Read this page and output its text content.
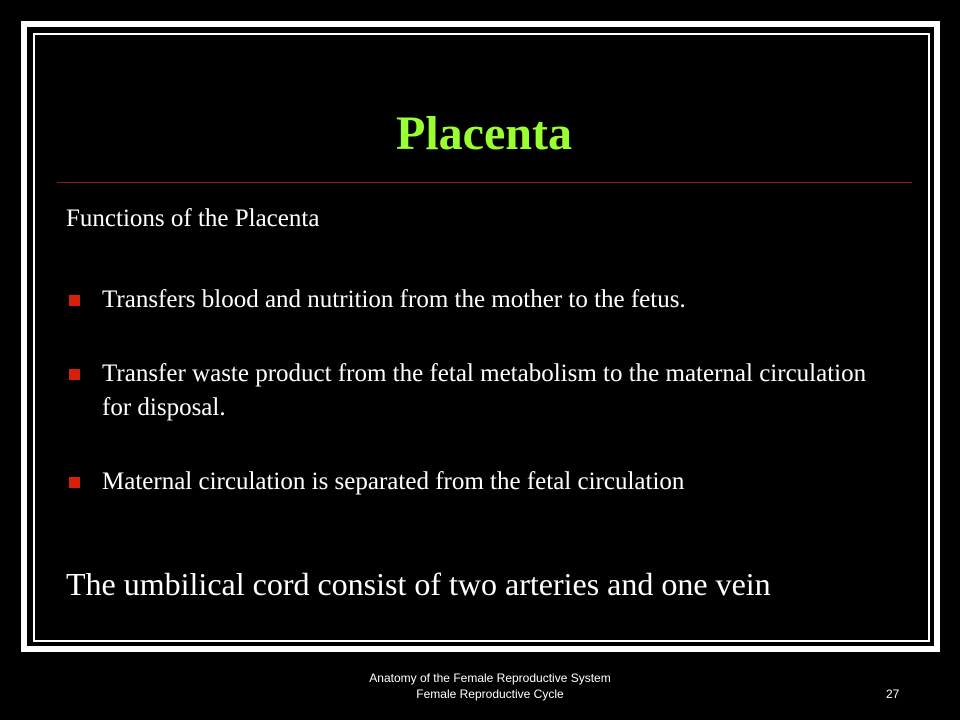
Placenta
Functions of the Placenta
Transfers blood and nutrition from the mother to the fetus.
Transfer waste product from the fetal metabolism to the maternal circulation for disposal.
Maternal circulation is separated from the fetal circulation
The umbilical cord consist of two arteries and one vein
Anatomy of the Female Reproductive System
Female Reproductive Cycle	27
